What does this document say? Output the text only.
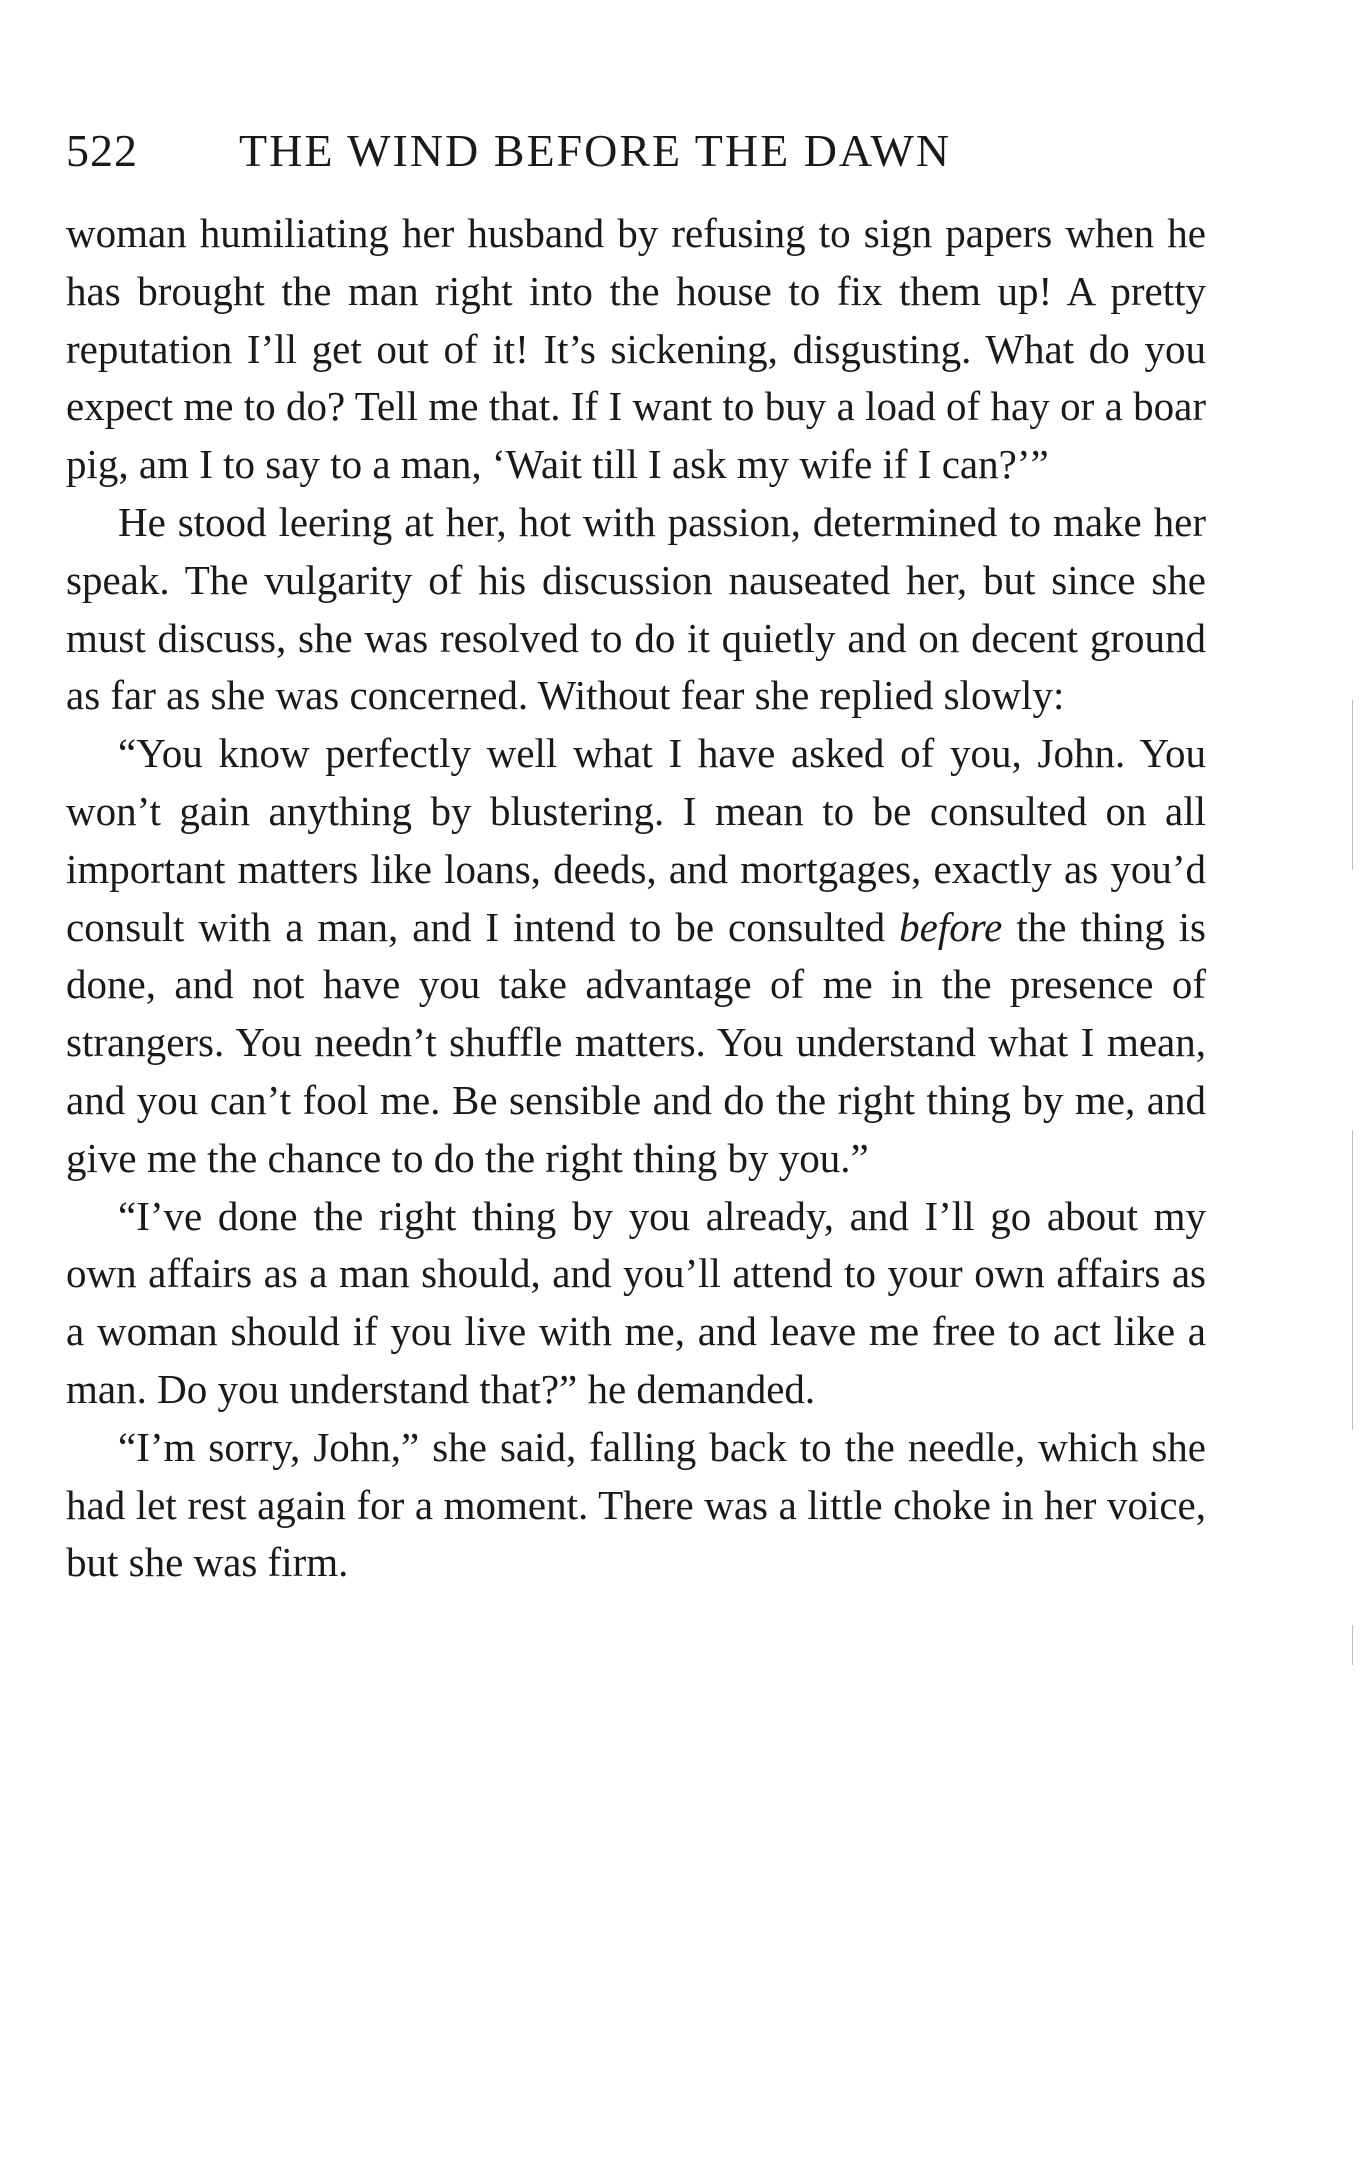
522 THE WIND BEFORE THE DAWN

woman humiliating her husband by refusing to sign papers when he has brought the man right into the house to fix them up! A pretty reputation I’ll get out of it! It’s sickening, disgusting. What do you expect me to do? Tell me that. If I want to buy a load of hay or a boar pig, am I to say to a man, ‘Wait till I ask my wife if I can?’”

He stood leering at her, hot with passion, determined to make her speak. The vulgarity of his discussion nauseated her, but since she must discuss, she was resolved to do it quietly and on decent ground as far as she was concerned. Without fear she replied slowly:

“You know perfectly well what I have asked of you, John. You won’t gain anything by blustering. I mean to be consulted on all important matters like loans, deeds, and mortgages, exactly as you’d consult with a man, and I intend to be consulted before the thing is done, and not have you take advantage of me in the presence of strangers. You needn’t shuffle matters. You understand what I mean, and you can’t fool me. Be sensible and do the right thing by me, and give me the chance to do the right thing by you.”

“I’ve done the right thing by you already, and I’ll go about my own affairs as a man should, and you’ll attend to your own affairs as a woman should if you live with me, and leave me free to act like a man. Do you understand that?” he demanded.

“I’m sorry, John,” she said, falling back to the needle, which she had let rest again for a moment. There was a little choke in her voice, but she was firm.
